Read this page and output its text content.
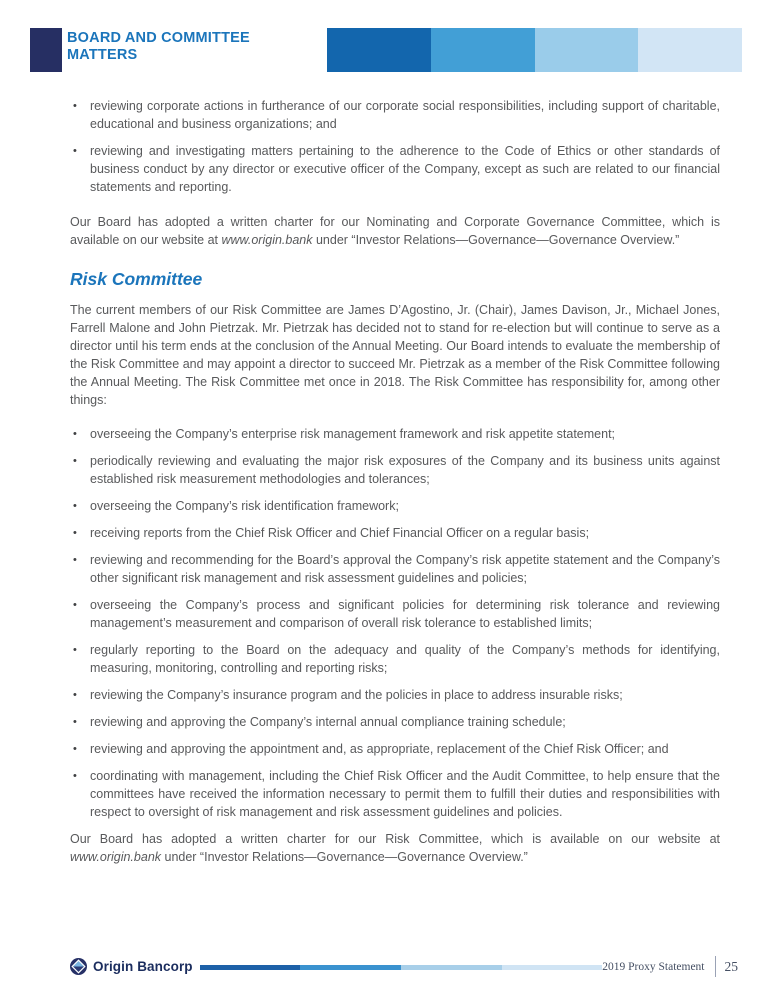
BOARD AND COMMITTEE
MATTERS
• reviewing corporate actions in furtherance of our corporate social responsibilities, including support of charitable, educational and business organizations; and
• reviewing and investigating matters pertaining to the adherence to the Code of Ethics or other standards of business conduct by any director or executive officer of the Company, except as such are related to our financial statements and reporting.

Our Board has adopted a written charter for our Nominating and Corporate Governance Committee, which is available on our website at www.origin.bank under “Investor Relations—Governance—Governance Overview.”

Risk Committee

The current members of our Risk Committee are James D’Agostino, Jr. (Chair), James Davison, Jr., Michael Jones, Farrell Malone and John Pietrzak. Mr. Pietrzak has decided not to stand for re-election but will continue to serve as a director until his term ends at the conclusion of the Annual Meeting. Our Board intends to evaluate the membership of the Risk Committee and may appoint a director to succeed Mr. Pietrzak as a member of the Risk Committee following the Annual Meeting. The Risk Committee met once in 2018. The Risk Committee has responsibility for, among other things:

• overseeing the Company’s enterprise risk management framework and risk appetite statement;
• periodically reviewing and evaluating the major risk exposures of the Company and its business units against established risk measurement methodologies and tolerances;
• overseeing the Company’s risk identification framework;
• receiving reports from the Chief Risk Officer and Chief Financial Officer on a regular basis;
• reviewing and recommending for the Board’s approval the Company’s risk appetite statement and the Company’s other significant risk management and risk assessment guidelines and policies;
• overseeing the Company’s process and significant policies for determining risk tolerance and reviewing management’s measurement and comparison of overall risk tolerance to established limits;
• regularly reporting to the Board on the adequacy and quality of the Company’s methods for identifying, measuring, monitoring, controlling and reporting risks;
• reviewing the Company’s insurance program and the policies in place to address insurable risks;
• reviewing and approving the Company’s internal annual compliance training schedule;
• reviewing and approving the appointment and, as appropriate, replacement of the Chief Risk Officer; and
• coordinating with management, including the Chief Risk Officer and the Audit Committee, to help ensure that the committees have received the information necessary to permit them to fulfill their duties and responsibilities with respect to oversight of risk management and risk assessment guidelines and policies.

Our Board has adopted a written charter for our Risk Committee, which is available on our website at www.origin.bank under “Investor Relations—Governance—Governance Overview.”

Origin Bancorp	2019 Proxy Statement 25
